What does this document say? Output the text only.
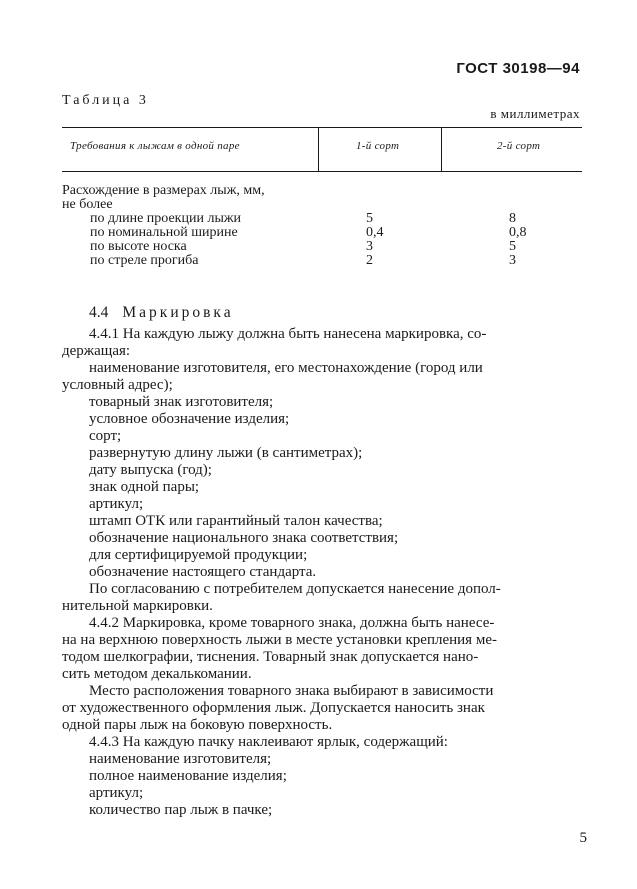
ГОСТ 30198—94
Таблица 3
в миллиметрах
Требования к лыжам в одной паре	1-й сорт	2-й сорт
Расхождение в размерах лыж, мм,
не более
по длине проекции лыжи	5	8
по номинальной ширине	0,4	0,8
по высоте носка	3	5
по стреле прогиба	2	3
4.4 Маркировка
4.4.1 На каждую лыжу должна быть нанесена маркировка, со-
держащая:
наименование изготовителя, его местонахождение (город или
условный адрес);
товарный знак изготовителя;
условное обозначение изделия;
сорт;
развернутую длину лыжи (в сантиметрах);
дату выпуска (год);
знак одной пары;
артикул;
штамп ОТК или гарантийный талон качества;
обозначение национального знака соответствия;
для сертифицируемой продукции;
обозначение настоящего стандарта.
По согласованию с потребителем допускается нанесение допол-
нительной маркировки.
4.4.2 Маркировка, кроме товарного знака, должна быть нанесе-
на на верхнюю поверхность лыжи в месте установки крепления ме-
тодом шелкографии, тиснения. Товарный знак допускается нано-
сить методом декалькомании.
Место расположения товарного знака выбирают в зависимости
от художественного оформления лыж. Допускается наносить знак
одной пары лыж на боковую поверхность.
4.4.3 На каждую пачку наклеивают ярлык, содержащий:
наименование изготовителя;
полное наименование изделия;
артикул;
количество пар лыж в пачке;
5
